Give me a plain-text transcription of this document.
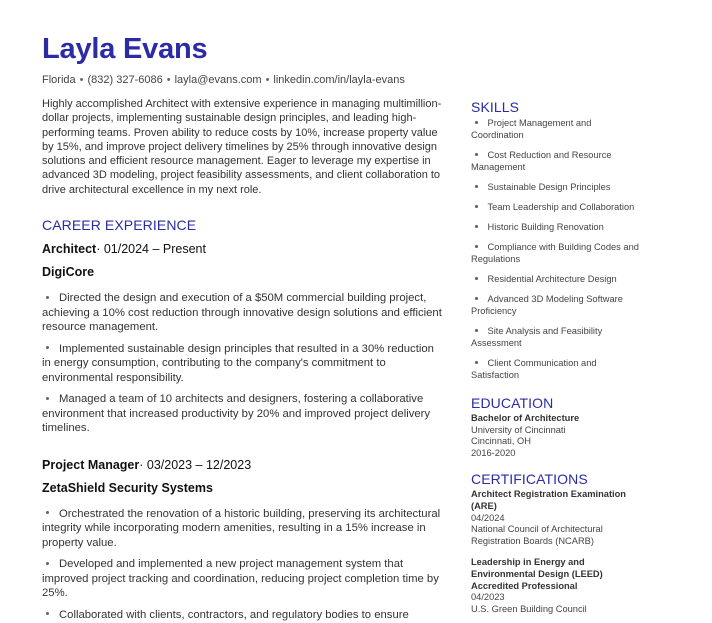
Layla Evans
Florida • (832) 327-6086 • layla@evans.com • linkedin.com/in/layla-evans

Highly accomplished Architect with extensive experience in managing multimillion-dollar projects, implementing sustainable design principles, and leading high-performing teams. Proven ability to reduce costs by 10%, increase property value by 15%, and improve project delivery timelines by 25% through innovative design solutions and efficient resource management. Eager to leverage my expertise in advanced 3D modeling, project feasibility assessments, and client collaboration to drive architectural excellence in my next role.

CAREER EXPERIENCE
Architect· 01/2024 – Present
DigiCore
Directed the design and execution of a $50M commercial building project, achieving a 10% cost reduction through innovative design solutions and efficient resource management.
Implemented sustainable design principles that resulted in a 30% reduction in energy consumption, contributing to the company's commitment to environmental responsibility.
Managed a team of 10 architects and designers, fostering a collaborative environment that increased productivity by 20% and improved project delivery timelines.
Project Manager· 03/2023 – 12/2023
ZetaShield Security Systems
Orchestrated the renovation of a historic building, preserving its architectural integrity while incorporating modern amenities, resulting in a 15% increase in property value.
Developed and implemented a new project management system that improved project tracking and coordination, reducing project completion time by 25%.
Collaborated with clients, contractors, and regulatory bodies to ensure
SKILLS
Project Management and Coordination
Cost Reduction and Resource Management
Sustainable Design Principles
Team Leadership and Collaboration
Historic Building Renovation
Compliance with Building Codes and Regulations
Residential Architecture Design
Advanced 3D Modeling Software Proficiency
Site Analysis and Feasibility Assessment
Client Communication and Satisfaction
EDUCATION
Bachelor of Architecture
University of Cincinnati
Cincinnati, OH
2016-2020
CERTIFICATIONS
Architect Registration Examination (ARE)
04/2024
National Council of Architectural Registration Boards (NCARB)
Leadership in Energy and Environmental Design (LEED) Accredited Professional
04/2023
U.S. Green Building Council
